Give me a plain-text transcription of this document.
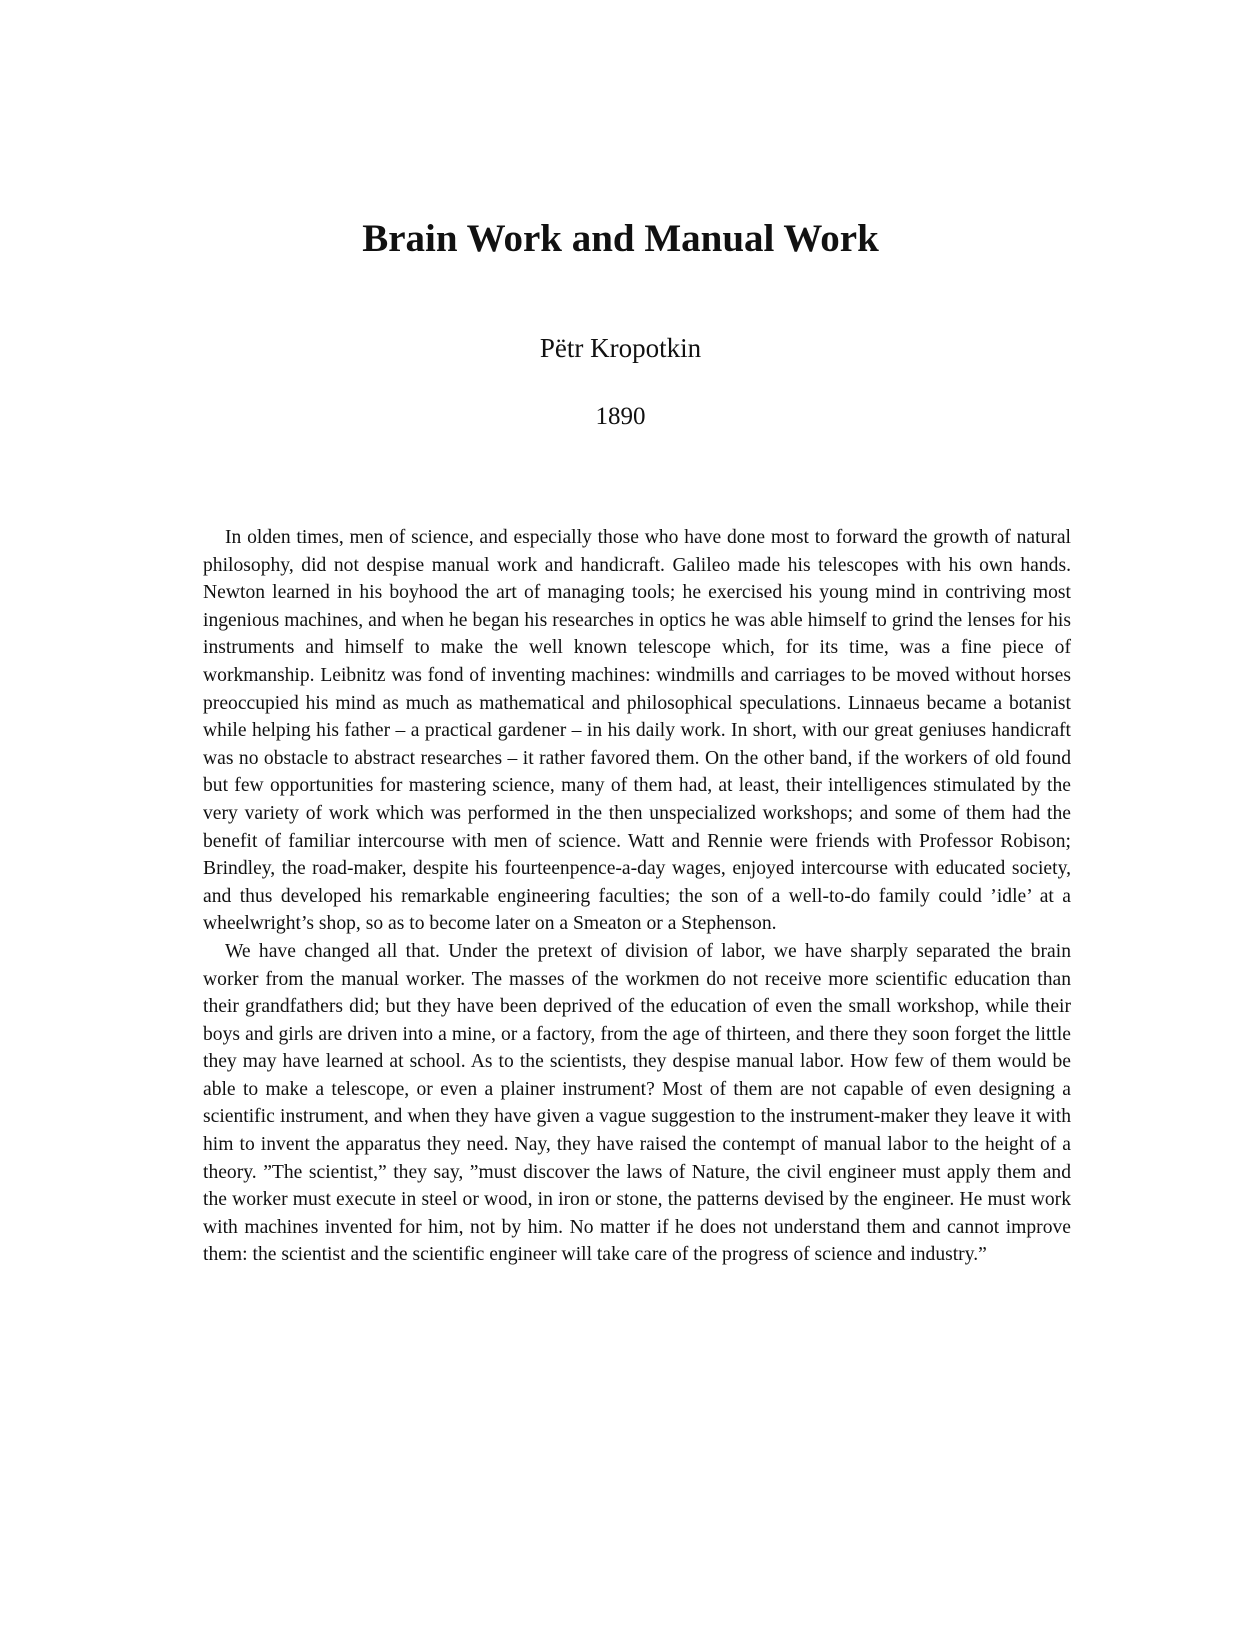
Brain Work and Manual Work
Pëtr Kropotkin
1890

In olden times, men of science, and especially those who have done most to forward the growth of natural philosophy, did not despise manual work and handicraft. Galileo made his telescopes with his own hands. Newton learned in his boyhood the art of managing tools; he exercised his young mind in contriving most ingenious machines, and when he began his researches in optics he was able himself to grind the lenses for his instruments and himself to make the well known telescope which, for its time, was a fine piece of workmanship. Leibnitz was fond of inventing machines: windmills and carriages to be moved without horses preoccupied his mind as much as mathematical and philosophical speculations. Linnaeus became a botanist while helping his father – a practical gardener – in his daily work. In short, with our great geniuses handicraft was no obstacle to abstract researches – it rather favored them. On the other band, if the workers of old found but few opportunities for mastering science, many of them had, at least, their intelligences stimulated by the very variety of work which was performed in the then unspecialized workshops; and some of them had the benefit of familiar intercourse with men of science. Watt and Rennie were friends with Professor Robison; Brindley, the road-maker, despite his fourteenpence-a-day wages, enjoyed intercourse with educated society, and thus developed his remarkable engineering faculties; the son of a well-to-do family could ’idle’ at a wheelwright’s shop, so as to become later on a Smeaton or a Stephenson.

We have changed all that. Under the pretext of division of labor, we have sharply separated the brain worker from the manual worker. The masses of the workmen do not receive more scientific education than their grandfathers did; but they have been deprived of the education of even the small workshop, while their boys and girls are driven into a mine, or a factory, from the age of thirteen, and there they soon forget the little they may have learned at school. As to the scientists, they despise manual labor. How few of them would be able to make a telescope, or even a plainer instrument? Most of them are not capable of even designing a scientific instrument, and when they have given a vague suggestion to the instrument-maker they leave it with him to invent the apparatus they need. Nay, they have raised the contempt of manual labor to the height of a theory. ”The scientist,” they say, ”must discover the laws of Nature, the civil engineer must apply them and the worker must execute in steel or wood, in iron or stone, the patterns devised by the engineer. He must work with machines invented for him, not by him. No matter if he does not understand them and cannot improve them: the scientist and the scientific engineer will take care of the progress of science and industry.”
